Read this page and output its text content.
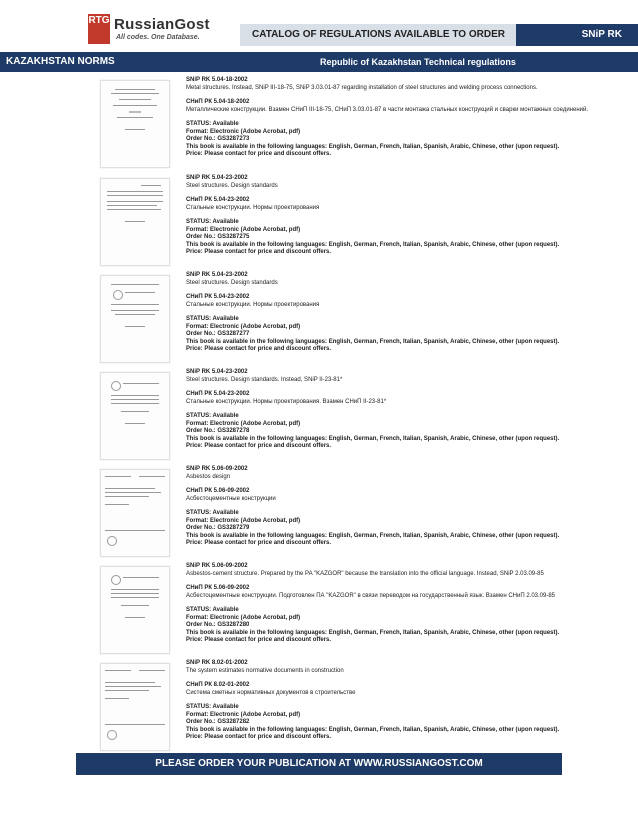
RTG RussianGost
All codes. One Database.	CATALOG OF REGULATIONS AVAILABLE TO ORDER	SNiP RK
KAZAKHSTAN NORMS	Republic of Kazakhstan Technical regulations
SNiP RK 5.04-18-2002
Metal structures. Instead, SNiP III-18-75, SNiP 3.03.01-87 regarding installation of steel structures and welding process connections.
СНиП РК 5.04-18-2002
Металлические конструкции. Взамен СНиП III-18-75, СНиП 3.03.01-87 в части монтажа стальных конструкций и сварки монтажных соединений.
STATUS: Available
Format: Electronic (Adobe Acrobat, pdf)
Order No.: GS3287273
This book is available in the following languages: English, German, French, Italian, Spanish, Arabic, Chinese, other (upon request).
Price: Please contact for price and discount offers.
SNiP RK 5.04-23-2002
Steel structures. Design standards
СНиП РК 5.04-23-2002
Стальные конструкции. Нормы проектирования
STATUS: Available
Format: Electronic (Adobe Acrobat, pdf)
Order No.: GS3287275
This book is available in the following languages: English, German, French, Italian, Spanish, Arabic, Chinese, other (upon request).
Price: Please contact for price and discount offers.
SNiP RK 5.04-23-2002
Steel structures. Design standards
СНиП РК 5.04-23-2002
Стальные конструкции. Нормы проектирования
STATUS: Available
Format: Electronic (Adobe Acrobat, pdf)
Order No.: GS3287277
This book is available in the following languages: English, German, French, Italian, Spanish, Arabic, Chinese, other (upon request).
Price: Please contact for price and discount offers.
SNiP RK 5.04-23-2002
Steel structures. Design standards. Instead, SNiP II-23-81*
СНиП РК 5.04-23-2002
Стальные конструкции. Нормы проектирования. Взамен СНиП II-23-81*
STATUS: Available
Format: Electronic (Adobe Acrobat, pdf)
Order No.: GS3287278
This book is available in the following languages: English, German, French, Italian, Spanish, Arabic, Chinese, other (upon request).
Price: Please contact for price and discount offers.
SNiP RK 5.06-09-2002
Asbestos design
СНиП РК 5.06-09-2002
Асбестоцементные конструкции
STATUS: Available
Format: Electronic (Adobe Acrobat, pdf)
Order No.: GS3287279
This book is available in the following languages: English, German, French, Italian, Spanish, Arabic, Chinese, other (upon request).
Price: Please contact for price and discount offers.
SNiP RK 5.06-09-2002
Asbestos-cement structure. Prepared by the PA "KAZGOR" because the translation into the official language. Instead, SNiP 2.03.09-85
СНиП РК 5.06-09-2002
Асбестоцементные конструкции. Подготовлен ПА "KAZGOR" в связи переводом на государственный язык. Взамен СНиП 2.03.09-85
STATUS: Available
Format: Electronic (Adobe Acrobat, pdf)
Order No.: GS3287280
This book is available in the following languages: English, German, French, Italian, Spanish, Arabic, Chinese, other (upon request).
Price: Please contact for price and discount offers.
SNiP RK 8.02-01-2002
The system estimates normative documents in construction
СНиП РК 8.02-01-2002
Система сметных нормативных документов в строительстве
STATUS: Available
Format: Electronic (Adobe Acrobat, pdf)
Order No.: GS3287282
This book is available in the following languages: English, German, French, Italian, Spanish, Arabic, Chinese, other (upon request).
Price: Please contact for price and discount offers.
PLEASE ORDER YOUR PUBLICATION AT WWW.RUSSIANGOST.COM
